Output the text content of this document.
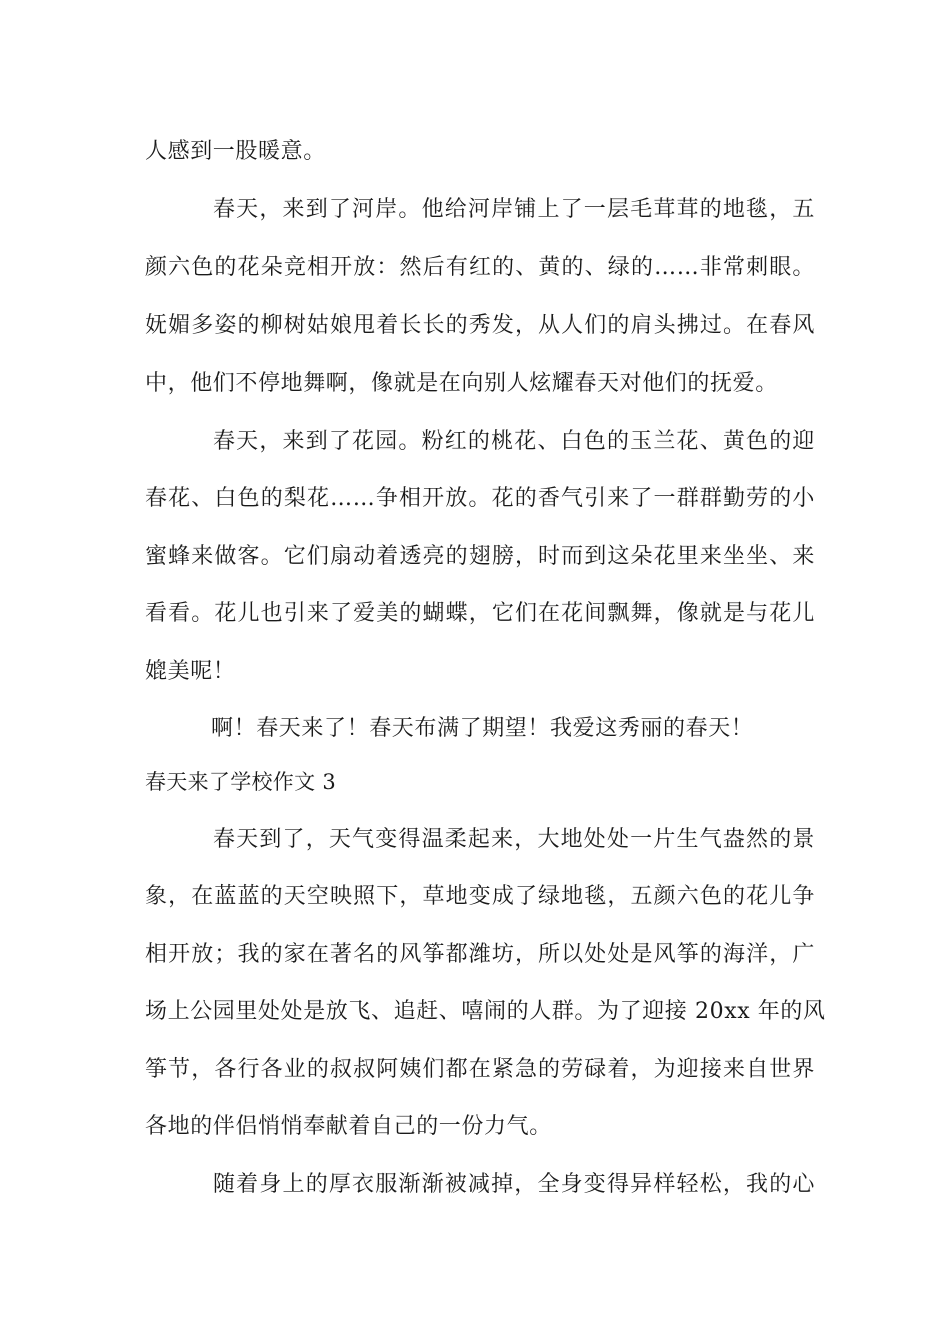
人感到一股暖意。
春天，来到了河岸。他给河岸铺上了一层毛茸茸的地毯，五
颜六色的花朵竞相开放：然后有红的、黄的、绿的……非常刺眼。
妩媚多姿的柳树姑娘甩着长长的秀发，从人们的肩头拂过。在春风
中，他们不停地舞啊，像就是在向别人炫耀春天对他们的抚爱。
春天，来到了花园。粉红的桃花、白色的玉兰花、黄色的迎
春花、白色的梨花……争相开放。花的香气引来了一群群勤劳的小
蜜蜂来做客。它们扇动着透亮的翅膀，时而到这朵花里来坐坐、来
看看。花儿也引来了爱美的蝴蝶，它们在花间飘舞，像就是与花儿
媲美呢！
啊！春天来了！春天布满了期望！我爱这秀丽的春天！
春天来了学校作文 3
春天到了，天气变得温柔起来，大地处处一片生气盎然的景
象，在蓝蓝的天空映照下，草地变成了绿地毯，五颜六色的花儿争
相开放；我的家在著名的风筝都潍坊，所以处处是风筝的海洋，广
场上公园里处处是放飞、追赶、嘻闹的人群。为了迎接 20xx 年的风
筝节，各行各业的叔叔阿姨们都在紧急的劳碌着，为迎接来自世界
各地的伴侣悄悄奉献着自己的一份力气。
随着身上的厚衣服渐渐被减掉，全身变得异样轻松，我的心
